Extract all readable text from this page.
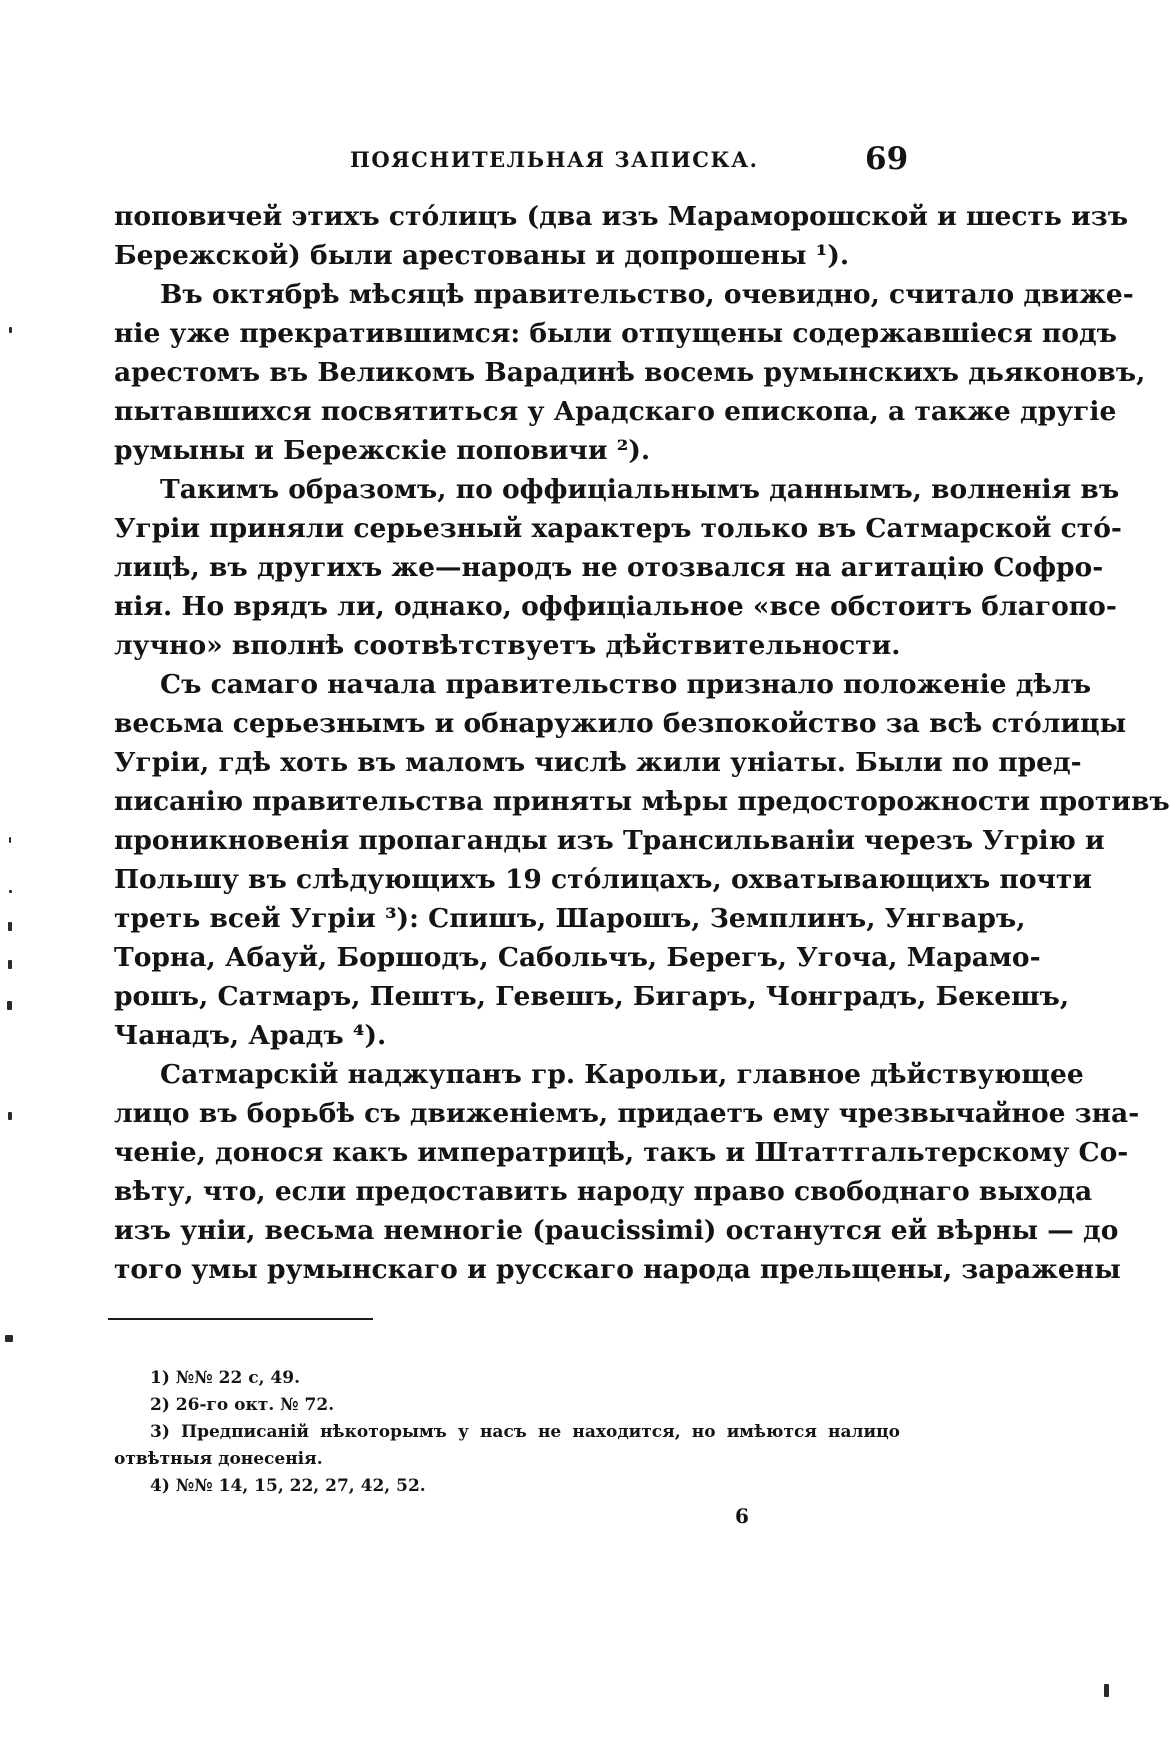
ПОЯСНИТЕЛЬНАЯ ЗАПИСКА.	69
поповичей этихъ стóлицъ (два изъ Мараморошской и шесть изъ
Бережской) были арестованы и допрошены ¹).
Въ октябрѣ мѣсяцѣ правительство, очевидно, считало движе-
ніе уже прекратившимся: были отпущены содержавшіеся подъ
арестомъ въ Великомъ Варадинѣ восемь румынскихъ дьяконовъ,
пытавшихся посвятиться у Арадскаго епископа, а также другіе
румыны и Бережскіе поповичи ²).
Такимъ образомъ, по оффиціальнымъ даннымъ, волненія въ
Угріи приняли серьезный характеръ только въ Сатмарской стó-
лицѣ, въ другихъ же—народъ не отозвался на агитацію Софро-
нія. Но врядъ ли, однако, оффиціальное «все обстоитъ благопо-
лучно» вполнѣ соотвѣтствуетъ дѣйствительности.
Съ самаго начала правительство признало положеніе дѣлъ
весьма серьезнымъ и обнаружило безпокойство за всѣ стóлицы
Угріи, гдѣ хоть въ маломъ числѣ жили уніаты. Были по пред-
писанію правительства приняты мѣры предосторожности противъ
проникновенія пропаганды изъ Трансильваніи черезъ Угрію и
Польшу въ слѣдующихъ 19 стóлицахъ, охватывающихъ почти
треть всей Угріи ³): Спишъ, Шарошъ, Земплинъ, Унгваръ,
Торна, Абауй, Боршодъ, Сабольчъ, Берегъ, Угоча, Марамо-
рошъ, Сатмаръ, Пештъ, Гевешъ, Бигаръ, Чонградъ, Бекешъ,
Чанадъ, Арадъ ⁴).
Сатмарскій наджупанъ гр. Карольи, главное дѣйствующее
лицо въ борьбѣ съ движеніемъ, придаетъ ему чрезвычайное зна-
ченіе, донося какъ императрицѣ, такъ и Штаттгальтерскому Со-
вѣту, что, если предоставить народу право свободнаго выхода
изъ уніи, весьма немногіе (paucissimi) останутся ей вѣрны — до
того умы румынскаго и русскаго народа прельщены, заражены
1) №№ 22 c, 49.
2) 26-го окт. № 72.
3) Предписаній нѣкоторымъ у насъ не находится, но имѣются налицо
отвѣтныя донесенія.
4) №№ 14, 15, 22, 27, 42, 52.
6
